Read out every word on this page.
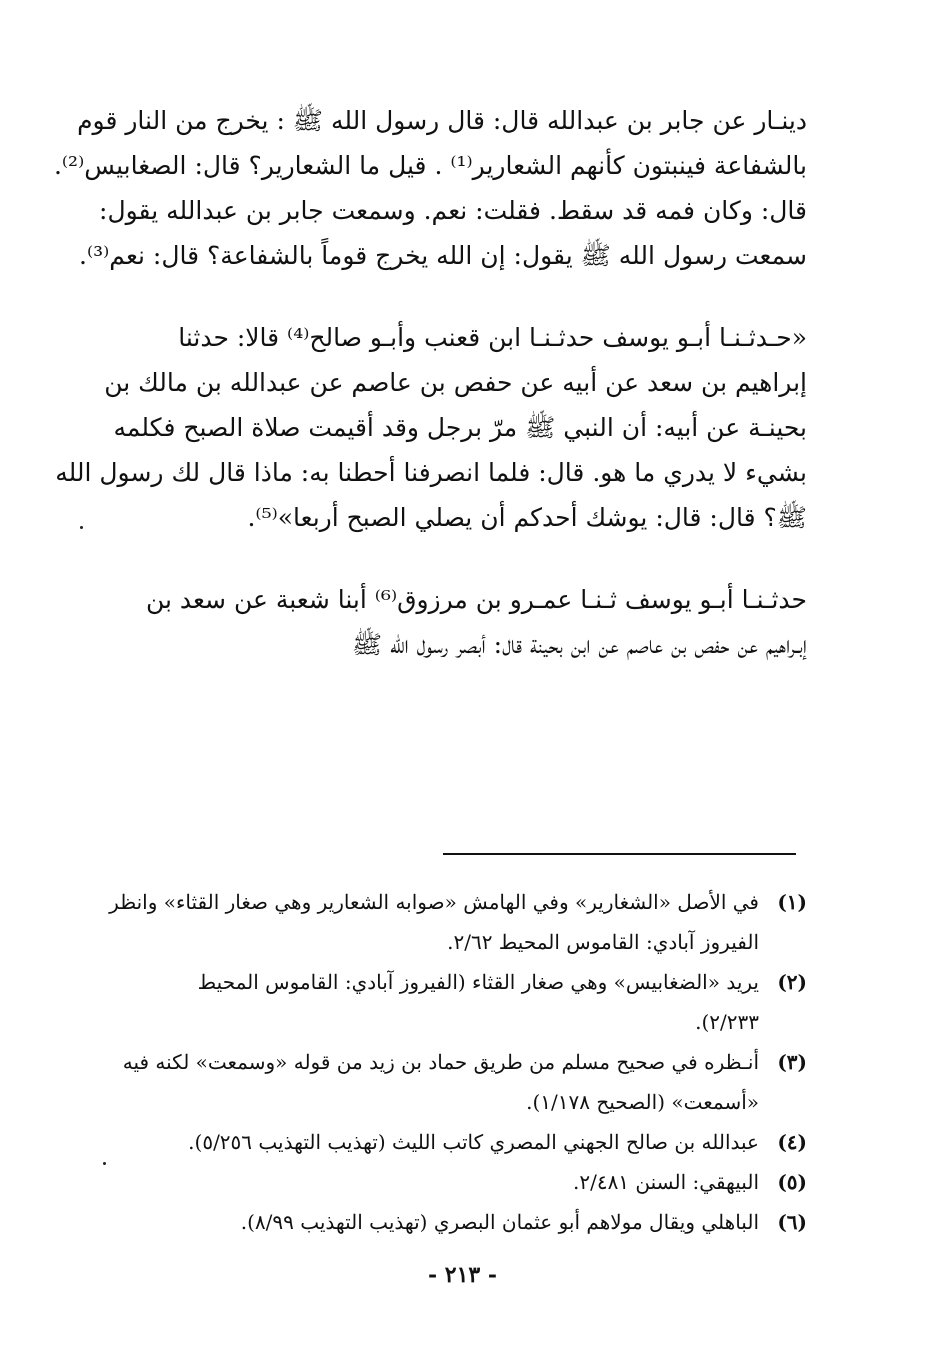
دينـار عن جابر بن عبدالله قال: قال رسول الله ﷺ : يخرج من النار قوم
بالشفاعة فينبتون كأنهم الشعارير⁽¹⁾ . قيل ما الشعارير؟ قال: الصغابيس⁽²⁾.
قال: وكان فمه قد سقط. فقلت: نعم. وسمعت جابر بن عبدالله يقول:
سمعت رسول الله ﷺ يقول: إن الله يخرج قوماً بالشفاعة؟ قال: نعم⁽³⁾.
«حـدثـنـا أبـو يوسف حدثـنـا ابن قعنب وأبـو صالح⁽⁴⁾ قالا: حدثنا
إبراهيم بن سعد عن أبيه عن حفص بن عاصم عن عبدالله بن مالك بن
بحينـة عن أبيه: أن النبي ﷺ مرّ برجل وقد أقيمت صلاة الصبح فكلمه
بشيء لا يدري ما هو. قال: فلما انصرفنا أحطنا به: ماذا قال لك رسول الله
ﷺ؟ قال: قال: يوشك أحدكم أن يصلي الصبح أربعا»⁽⁵⁾.
حدثـنـا أبـو يوسف ثـنـا عمـرو بن مرزوق⁽⁶⁾ أبنا شعبة عن سعد بن
إبـراهيم عن حفص بن عاصم عن ابن بحينة قال: أبصر رسول الله ﷺ
(١)
في الأصل «الشغارير» وفي الهامش «صوابه الشعارير وهي صغار القثاء» وانظر
الفيروز آبادي: القاموس المحيط ٢/٦٢.
(٢)
يريد «الضغابيس» وهي صغار القثاء (الفيروز آبادي: القاموس المحيط
٢/٢٣٣).
(٣)
أنـظره في صحيح مسلم من طريق حماد بن زيد من قوله «وسمعت» لكنه فيه
«أسمعت» (الصحيح ١/١٧٨).
(٤)
عبدالله بن صالح الجهني المصري كاتب الليث (تهذيب التهذيب ٥/٢٥٦).
(٥)
البيهقي: السنن ٢/٤٨١.
(٦)
الباهلي ويقال مولاهم أبو عثمان البصري (تهذيب التهذيب ٨/٩٩).
- ٢١٣ -
